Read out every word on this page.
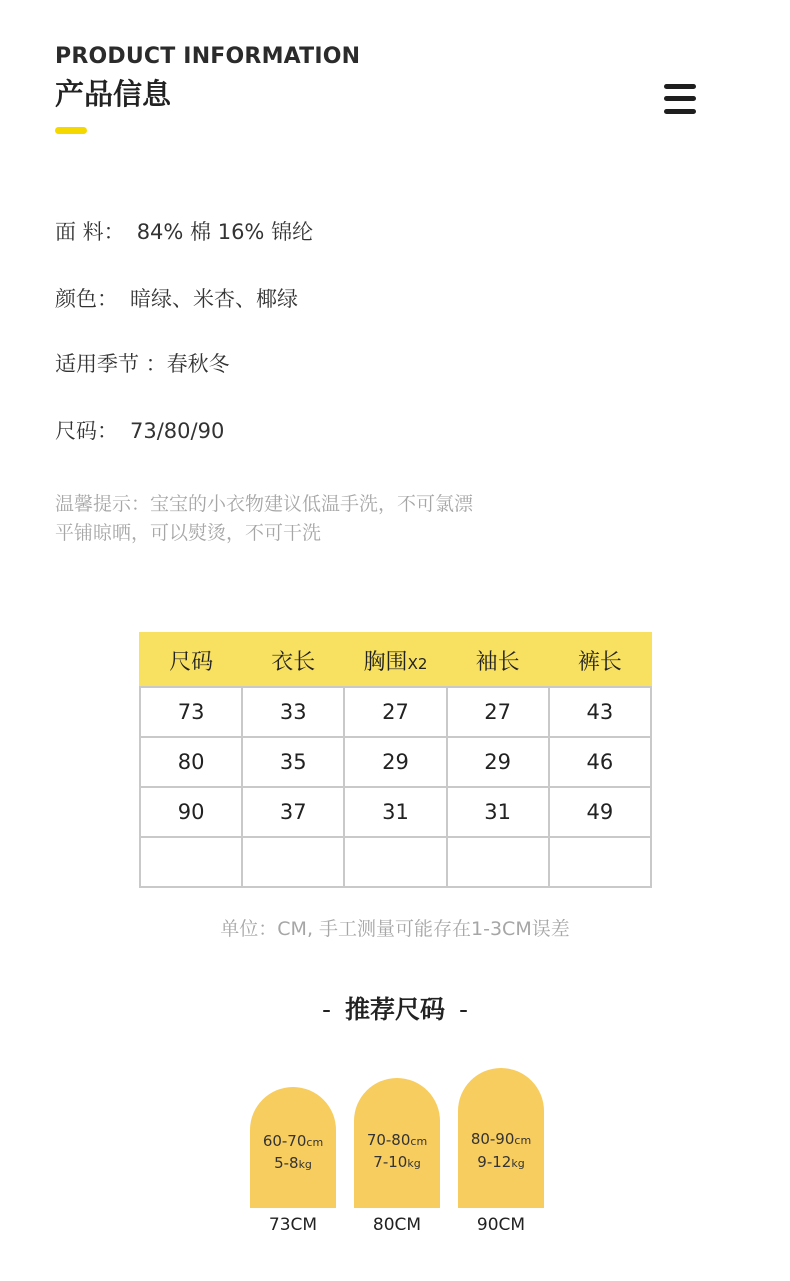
PRODUCT INFORMATION
产品信息
面 料： 84% 棉 16% 锦纶
颜色： 暗绿、米杏、椰绿
适用季节 ：春秋冬
尺码： 73/80/90
温馨提示：宝宝的小衣物建议低温手洗，不可氯漂
平铺晾晒，可以熨烫，不可干洗
尺码	衣长	胸围X2	袖长	裤长
73	33	27	27	43
80	35	29	29	46
90	37	31	31	49

单位：CM, 手工测量可能存在1-3CM误差
- 推荐尺码 -
60-70cm
5-8kg
70-80cm
7-10kg
80-90cm
9-12kg
73CM	80CM	90CM
